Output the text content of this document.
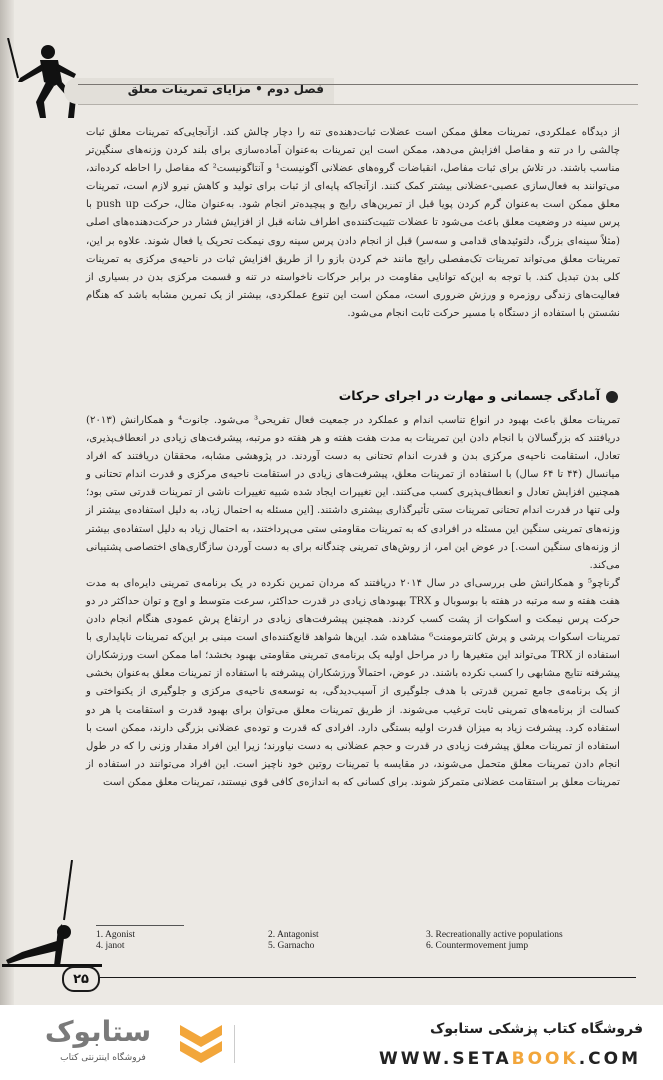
فصل دوم • مزایای تمرینات معلق

از دیدگاه عملکردی، تمرینات معلق ممکن است عضلات ثبات‌دهنده‌ی تنه را دچار چالش کند. ازآنجایی‌که تمرینات معلق ثبات چالشی را در تنه و مفاصل افزایش می‌دهد، ممکن است این تمرینات به‌عنوان آماده‌سازی برای بلند کردن وزنه‌های سنگین‌تر مناسب باشند. در تلاش برای ثبات مفاصل، انقباضات گروه‌های عضلانی آگونیست¹ و آنتاگونیست² که مفاصل را احاطه کرده‌اند، می‌توانند به فعال‌سازی عصبی-عضلانی بیشتر کمک کنند. ازآنجاکه پایه‌ای از ثبات برای تولید و کاهش نیرو لازم است، تمرینات معلق ممکن است به‌عنوان گرم کردن پویا قبل از تمرین‌های رایج و پیچیده‌تر انجام شود. به‌عنوان مثال، حرکت push up با پرس سینه در وضعیت معلق باعث می‌شود تا عضلات تثبیت‌کننده‌ی اطراف شانه قبل از افزایش فشار در حرکت‌دهنده‌های اصلی (مثلاً سینه‌ای بزرگ، دلتوئیدهای قدامی و سه‌سر) قبل از انجام دادن پرس سینه روی نیمکت تحریک یا فعال شوند. علاوه بر این، تمرینات معلق می‌تواند تمرینات تک‌مفصلی رایج مانند خم کردن بازو را از طریق افزایش ثبات در ناحیه‌ی مرکزی به تمرینات کلی بدن تبدیل کند. با توجه به این‌که توانایی مقاومت در برابر حرکات ناخواسته در تنه و قسمت مرکزی بدن در بسیاری از فعالیت‌های زندگی روزمره و ورزش ضروری است، ممکن است این تنوع عملکردی، بیشتر از یک تمرین مشابه باشد که هنگام نشستن با استفاده از دستگاه با مسیر حرکت ثابت انجام می‌شود.

آمادگی جسمانی و مهارت در اجرای حرکات

تمرینات معلق باعث بهبود در انواع تناسب اندام و عملکرد در جمعیت فعال تفریحی³ می‌شود. جانوت⁴ و همکارانش (۲۰۱۳) دریافتند که بزرگسالان با انجام دادن این تمرینات به مدت هفت هفته و هر هفته دو مرتبه، پیشرفت‌های زیادی در انعطاف‌پذیری، تعادل، استقامت ناحیه‌ی مرکزی بدن و قدرت اندام تحتانی به دست آوردند. در پژوهشی مشابه، محققان دریافتند که افراد میانسال (۴۴ تا ۶۴ سال) با استفاده از تمرینات معلق، پیشرفت‌های زیادی در استقامت ناحیه‌ی مرکزی و قدرت اندام تحتانی و همچنین افزایش تعادل و انعطاف‌پذیری کسب می‌کنند. این تغییرات ایجاد شده شبیه تغییرات ناشی از تمرینات قدرتی ستی بود؛ ولی تنها در قدرت اندام تحتانی تمرینات ستی تأثیرگذاری بیشتری داشتند. [این مسئله به احتمال زیاد، به دلیل استفاده‌ی بیشتر از وزنه‌های تمرینی سنگین این مسئله در افرادی که به تمرینات مقاومتی ستی می‌پرداختند، به احتمال زیاد به دلیل استفاده‌ی بیشتر از وزنه‌های سنگین است.] در عوض این امر، از روش‌های تمرینی چندگانه برای به دست آوردن سازگاری‌های اختصاصی پشتیبانی می‌کند.

گرناچو⁵ و همکارانش طی بررسی‌ای در سال ۲۰۱۴ دریافتند که مردان تمرین نکرده در یک برنامه‌ی تمرینی دایره‌ای به مدت هفت هفته و سه مرتبه در هفته با بوسوبال و TRX بهبودهای زیادی در قدرت حداکثر، سرعت متوسط و اوج و توان حداکثر در دو حرکت پرس نیمکت و اسکوات از پشت کسب کردند. همچنین پیشرفت‌های زیادی در ارتفاع پرش عمودی هنگام انجام دادن تمرینات اسکوات پرشی و پرش کانترمومنت⁶ مشاهده شد. این‌ها شواهد قانع‌کننده‌ای است مبنی بر این‌که تمرینات ناپایداری با استفاده از TRX می‌تواند این متغیرها را در مراحل اولیه یک برنامه‌ی تمرینی مقاومتی بهبود بخشد؛ اما ممکن است ورزشکاران پیشرفته نتایج مشابهی را کسب نکرده باشند. در عوض، احتمالاً ورزشکاران پیشرفته با استفاده از تمرینات معلق به‌عنوان بخشی از یک برنامه‌ی جامع تمرین قدرتی با هدف جلوگیری از آسیب‌دیدگی، به توسعه‌ی ناحیه‌ی مرکزی و جلوگیری از یکنواختی و کسالت از برنامه‌های تمرینی ثابت ترغیب می‌شوند. از طریق تمرینات معلق می‌توان برای بهبود قدرت و استقامت یا هر دو استفاده کرد. پیشرفت زیاد به میزان قدرت اولیه بستگی دارد. افرادی که قدرت و توده‌ی عضلانی بزرگی دارند، ممکن است با استفاده از تمرینات معلق پیشرفت زیادی در قدرت و حجم عضلانی به دست نیاورند؛ زیرا این افراد مقدار وزنی را که در طول انجام دادن تمرینات معلق متحمل می‌شوند، در مقایسه با تمرینات روتین خود ناچیز است. این افراد می‌توانند در استفاده از تمرینات معلق بر استقامت عضلانی متمرکز شوند. برای کسانی که به اندازه‌ی کافی قوی نیستند، تمرینات معلق ممکن است

1. Agonist
4. janot
2. Antagonist
5. Garnacho
3. Recreationally active populations
6. Countermovement jump
۲۵
ستابوک
فروشگاه اینترنتی کتاب
فروشگاه کتاب پزشکی ستابوک
WWW.SETABOOK.COM
